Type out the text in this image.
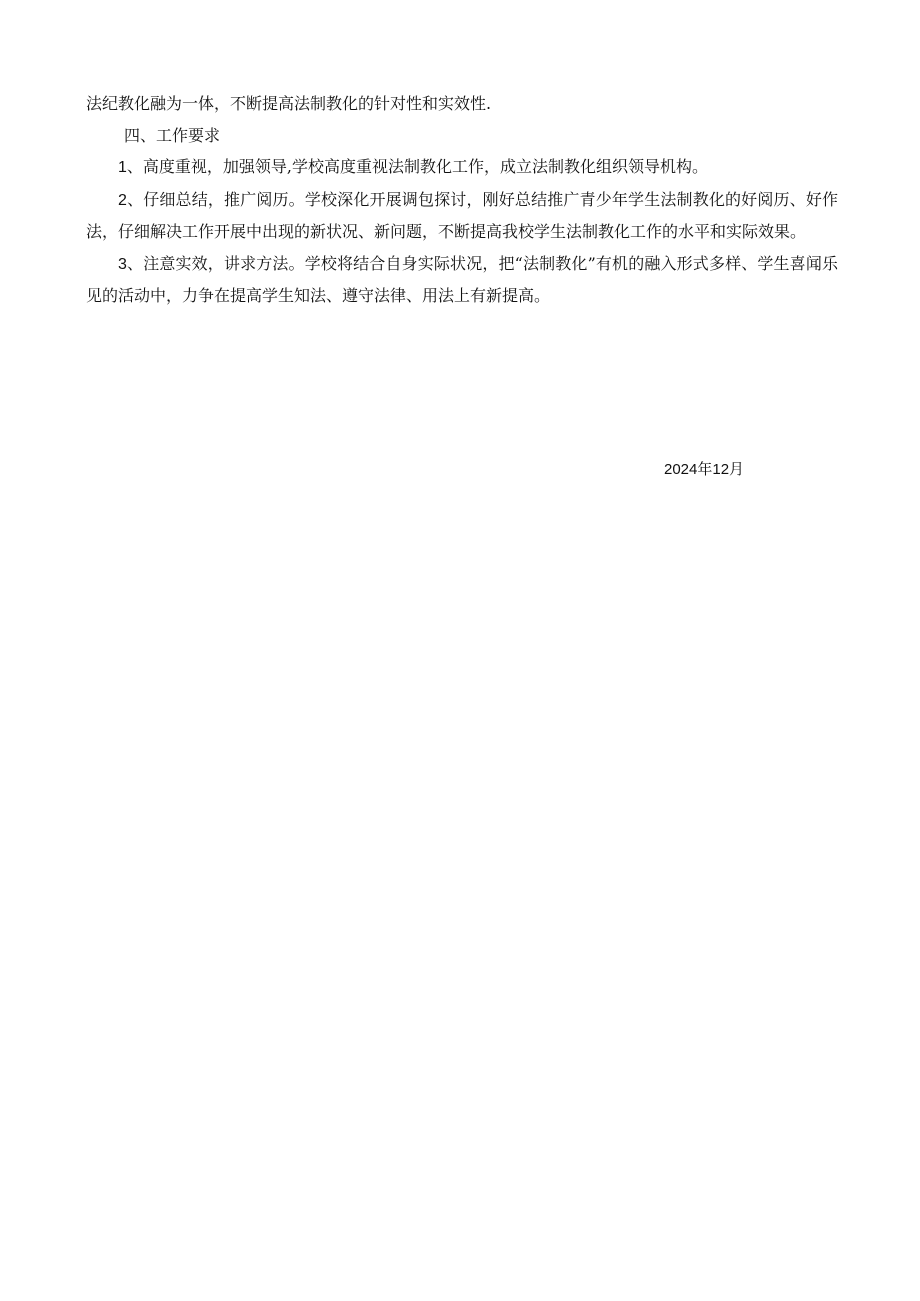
法纪教化融为一体，不断提高法制教化的针对性和实效性.

四、工作要求

1、高度重视，加强领导,学校高度重视法制教化工作，成立法制教化组织领导机构。

2、仔细总结，推广阅历。学校深化开展调包探讨，刚好总结推广青少年学生法制教化的好阅历、好作法，仔细解决工作开展中出现的新状况、新问题，不断提高我校学生法制教化工作的水平和实际效果。

3、注意实效，讲求方法。学校将结合自身实际状况，把“法制教化”有机的融入形式多样、学生喜闻乐见的活动中，力争在提高学生知法、遵守法律、用法上有新提高。

2024年12月
